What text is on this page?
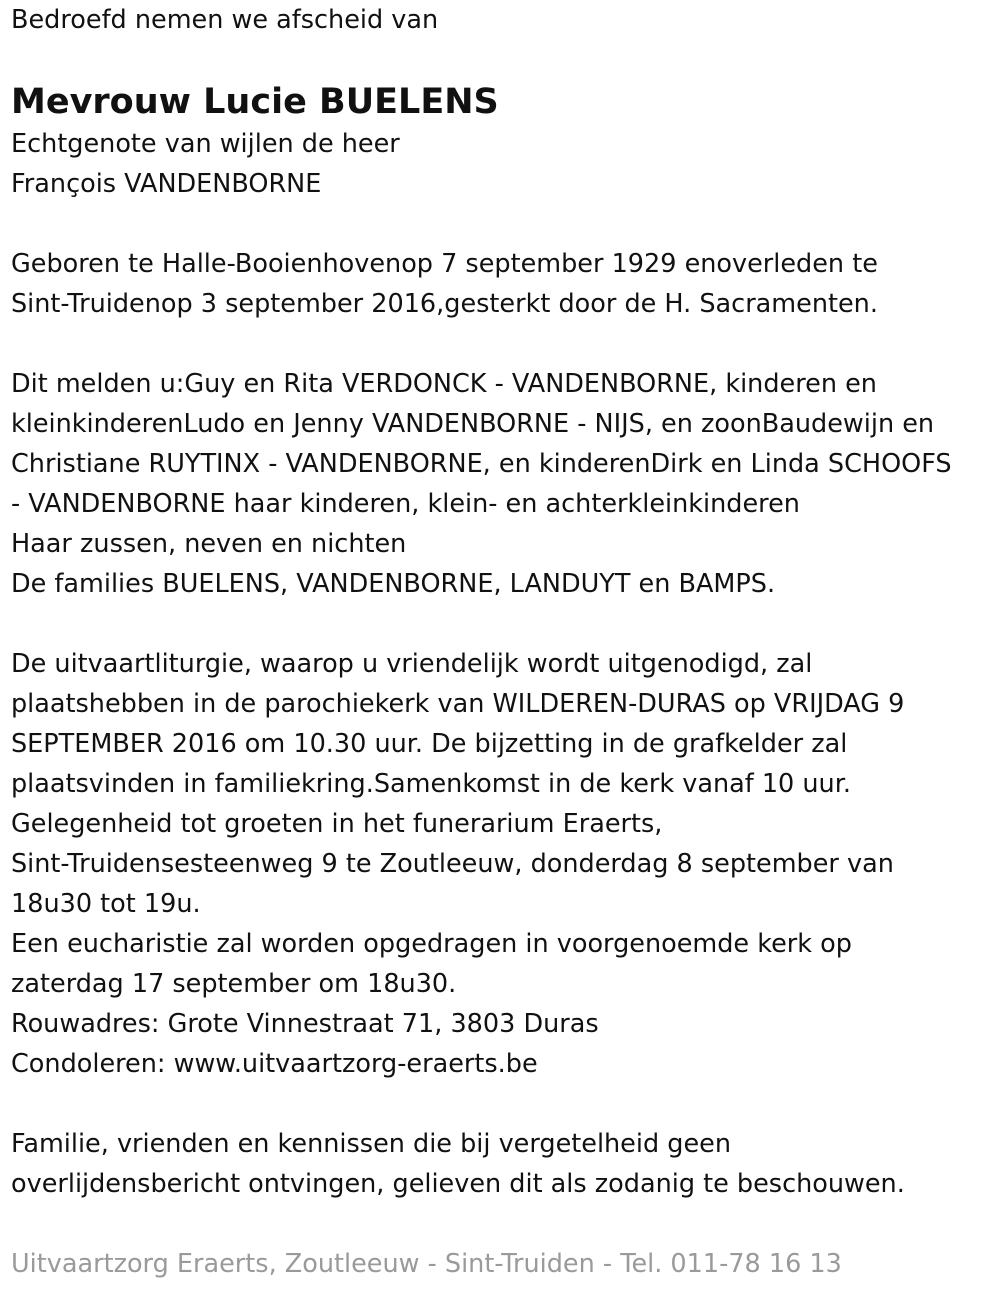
Bedroefd nemen we afscheid van
Mevrouw Lucie BUELENS
Echtgenote van wijlen de heer
François VANDENBORNE
Geboren te Halle-Booienhovenop 7 september 1929 enoverleden te
Sint-Truidenop 3 september 2016,gesterkt door de H. Sacramenten.
Dit melden u:Guy en Rita VERDONCK - VANDENBORNE, kinderen en
kleinkinderenLudo en Jenny VANDENBORNE - NIJS, en zoonBaudewijn en
Christiane RUYTINX - VANDENBORNE, en kinderenDirk en Linda SCHOOFS
- VANDENBORNE haar kinderen, klein- en achterkleinkinderen
Haar zussen, neven en nichten
De families BUELENS, VANDENBORNE, LANDUYT en BAMPS.
De uitvaartliturgie, waarop u vriendelijk wordt uitgenodigd, zal
plaatshebben in de parochiekerk van WILDEREN-DURAS op VRIJDAG 9
SEPTEMBER 2016 om 10.30 uur. De bijzetting in de grafkelder zal
plaatsvinden in familiekring.Samenkomst in de kerk vanaf 10 uur.
Gelegenheid tot groeten in het funerarium Eraerts,
Sint-Truidensesteenweg 9 te Zoutleeuw, donderdag 8 september van
18u30 tot 19u.
Een eucharistie zal worden opgedragen in voorgenoemde kerk op
zaterdag 17 september om 18u30.
Rouwadres: Grote Vinnestraat 71, 3803 Duras
Condoleren: www.uitvaartzorg-eraerts.be
Familie, vrienden en kennissen die bij vergetelheid geen
overlijdensbericht ontvingen, gelieven dit als zodanig te beschouwen.
Uitvaartzorg Eraerts, Zoutleeuw - Sint-Truiden - Tel. 011-78 16 13
